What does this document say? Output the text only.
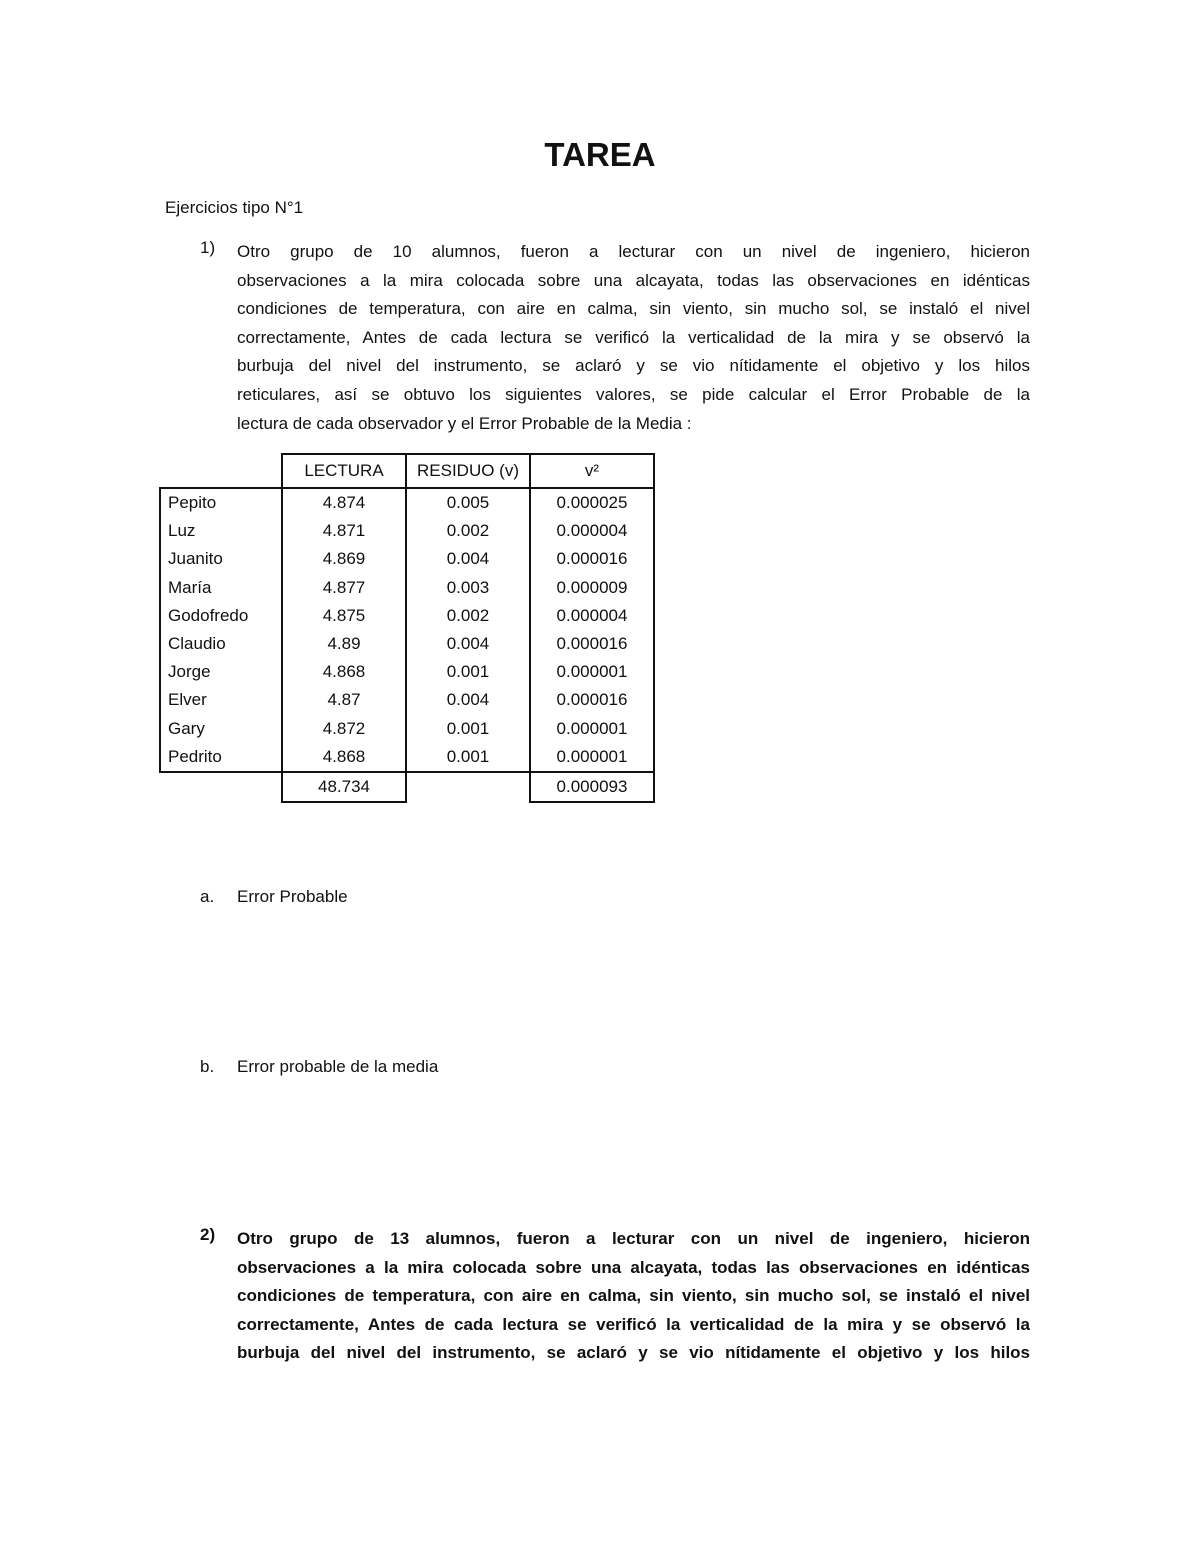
TAREA
Ejercicios tipo N°1
1) Otro grupo de 10 alumnos, fueron a lecturar con un nivel de ingeniero, hicieron
observaciones a la mira colocada sobre una alcayata, todas las observaciones en idénticas
condiciones de temperatura, con aire en calma, sin viento, sin mucho sol, se instaló el nivel
correctamente, Antes de cada lectura se verificó la verticalidad de la mira y se observó la
burbuja del nivel del instrumento, se aclaró y se vio nítidamente el objetivo y los hilos
reticulares, así se obtuvo los siguientes valores, se pide calcular el Error Probable de la
lectura de cada observador y el Error Probable de la Media :
	LECTURA	RESIDUO (v)	v²
Pepito	4.874	0.005	0.000025
Luz	4.871	0.002	0.000004
Juanito	4.869	0.004	0.000016
María	4.877	0.003	0.000009
Godofredo	4.875	0.002	0.000004
Claudio	4.89	0.004	0.000016
Jorge	4.868	0.001	0.000001
Elver	4.87	0.004	0.000016
Gary	4.872	0.001	0.000001
Pedrito	4.868	0.001	0.000001
	48.734		0.000093
a. Error Probable
b. Error probable de la media
2) Otro grupo de 13 alumnos, fueron a lecturar con un nivel de ingeniero, hicieron
observaciones a la mira colocada sobre una alcayata, todas las observaciones en idénticas
condiciones de temperatura, con aire en calma, sin viento, sin mucho sol, se instaló el nivel
correctamente, Antes de cada lectura se verificó la verticalidad de la mira y se observó la
burbuja del nivel del instrumento, se aclaró y se vio nítidamente el objetivo y los hilos
